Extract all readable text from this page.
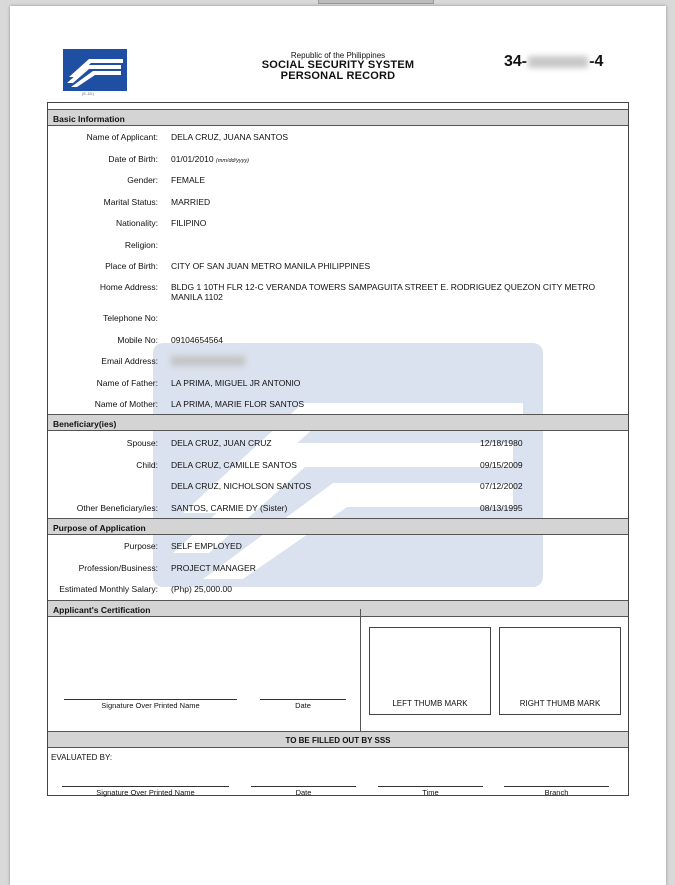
(E-1D)
Republic of the Philippines
SOCIAL SECURITY SYSTEM
PERSONAL RECORD
34-	-4
Basic Information
Name of Applicant: DELA CRUZ, JUANA SANTOS
Date of Birth: 01/01/2010 (mm/dd/yyyy)
Gender: FEMALE
Marital Status: MARRIED
Nationality: FILIPINO
Religion:
Place of Birth: CITY OF SAN JUAN METRO MANILA PHILIPPINES
Home Address: BLDG 1 10TH FLR 12-C VERANDA TOWERS SAMPAGUITA STREET E. RODRIGUEZ QUEZON CITY METRO MANILA 1102
Telephone No:
Mobile No: 09104654564
Email Address:
Name of Father: LA PRIMA, MIGUEL JR ANTONIO
Name of Mother: LA PRIMA, MARIE FLOR SANTOS
Beneficiary(ies)
Spouse: DELA CRUZ, JUAN CRUZ	12/18/1980
Child: DELA CRUZ, CAMILLE SANTOS	09/15/2009
DELA CRUZ, NICHOLSON SANTOS	07/12/2002
Other Beneficiary/ies: SANTOS, CARMIE DY (Sister)	08/13/1995
Purpose of Application
Purpose: SELF EMPLOYED
Profession/Business: PROJECT MANAGER
Estimated Monthly Salary: (Php) 25,000.00
Applicant's Certification
Signature Over Printed Name	Date	LEFT THUMB MARK	RIGHT THUMB MARK
TO BE FILLED OUT BY SSS
EVALUATED BY:
Signature Over Printed Name	Date	Time	Branch
